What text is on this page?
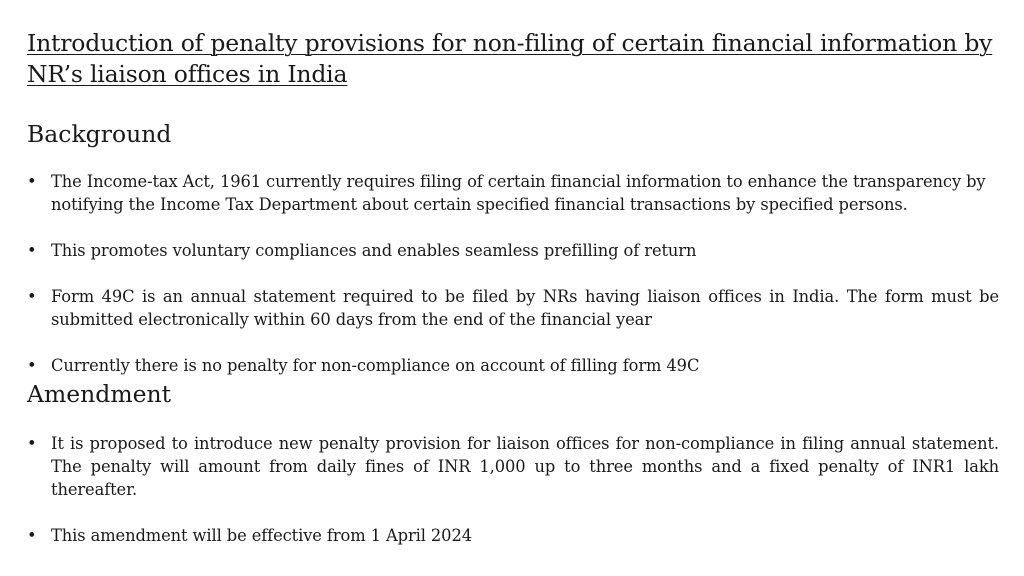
Introduction of penalty provisions for non-filing of certain financial information by NR’s liaison offices in India
Background
• The Income-tax Act, 1961 currently requires filing of certain financial information to enhance the transparency by notifying the Income Tax Department about certain specified financial transactions by specified persons.
• This promotes voluntary compliances and enables seamless prefilling of return
• Form 49C is an annual statement required to be filed by NRs having liaison offices in India. The form must be submitted electronically within 60 days from the end of the financial year
• Currently there is no penalty for non-compliance on account of filling form 49C
Amendment
• It is proposed to introduce new penalty provision for liaison offices for non-compliance in filing annual statement. The penalty will amount from daily fines of INR 1,000 up to three months and a fixed penalty of INR1 lakh thereafter.
• This amendment will be effective from 1 April 2024
